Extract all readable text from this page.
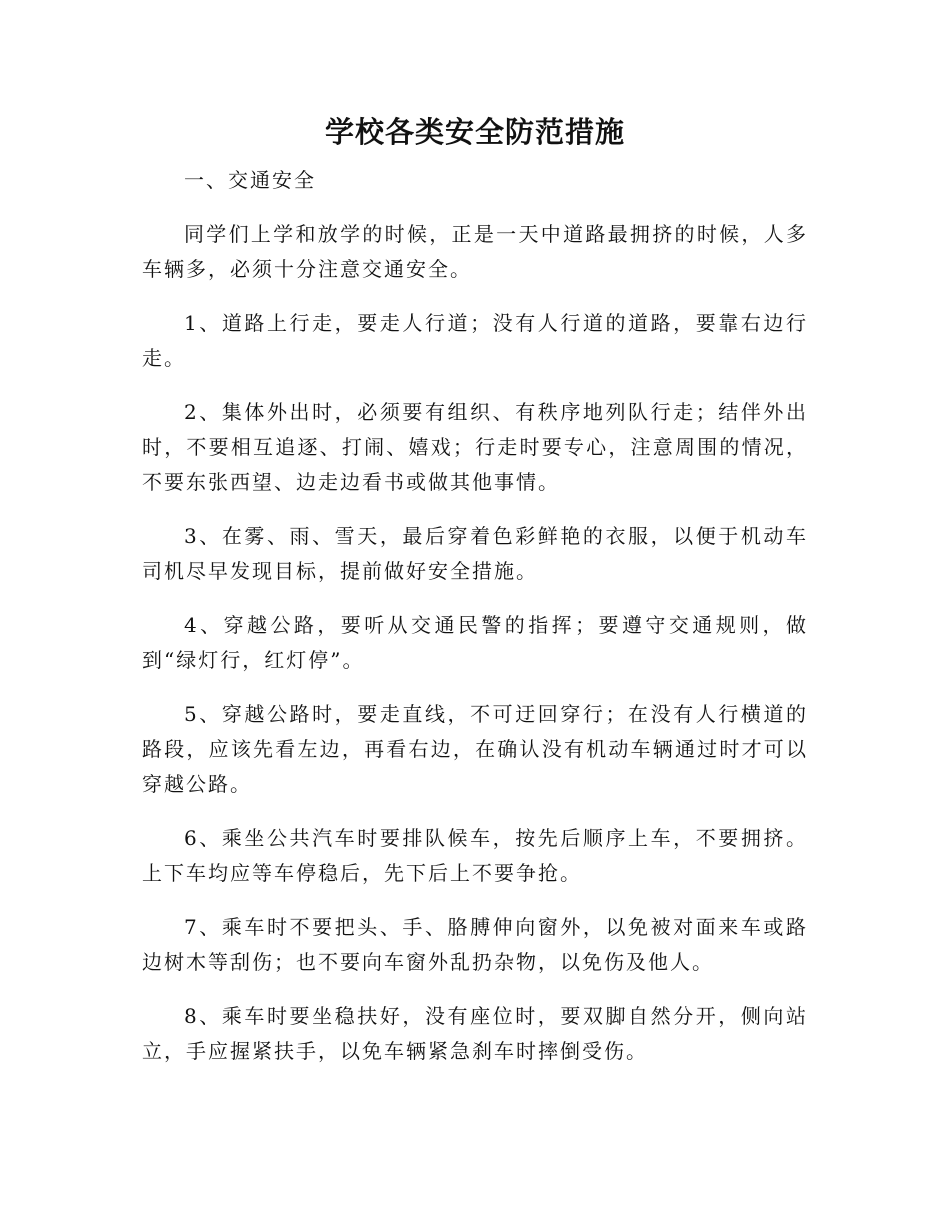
学校各类安全防范措施

一、交通安全

同学们上学和放学的时候，正是一天中道路最拥挤的时候，人多车辆多，必须十分注意交通安全。

1、道路上行走，要走人行道；没有人行道的道路，要靠右边行走。

2、集体外出时，必须要有组织、有秩序地列队行走；结伴外出时，不要相互追逐、打闹、嬉戏；行走时要专心，注意周围的情况，不要东张西望、边走边看书或做其他事情。

3、在雾、雨、雪天，最后穿着色彩鲜艳的衣服，以便于机动车司机尽早发现目标，提前做好安全措施。

4、穿越公路，要听从交通民警的指挥；要遵守交通规则，做到“绿灯行，红灯停”。

5、穿越公路时，要走直线，不可迂回穿行；在没有人行横道的路段，应该先看左边，再看右边，在确认没有机动车辆通过时才可以穿越公路。

6、乘坐公共汽车时要排队候车，按先后顺序上车，不要拥挤。上下车均应等车停稳后，先下后上不要争抢。

7、乘车时不要把头、手、胳膊伸向窗外，以免被对面来车或路边树木等刮伤；也不要向车窗外乱扔杂物，以免伤及他人。

8、乘车时要坐稳扶好，没有座位时，要双脚自然分开，侧向站立，手应握紧扶手，以免车辆紧急刹车时摔倒受伤。
